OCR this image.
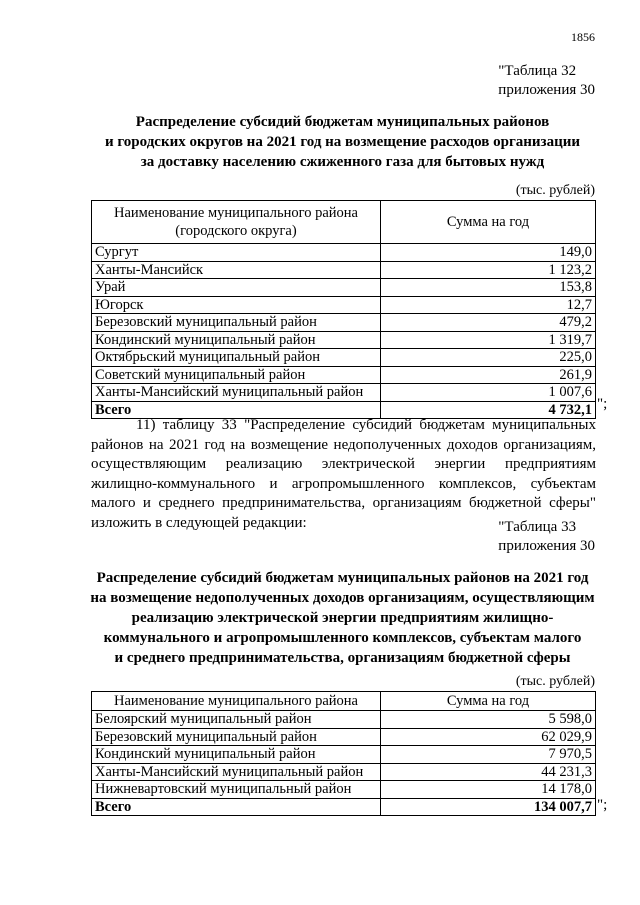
1856
"Таблица 32
приложения 30
Распределение субсидий бюджетам муниципальных районов
и городских округов на 2021 год на возмещение расходов организации
за доставку населению сжиженного газа для бытовых нужд
(тыс. рублей)
Наименование муниципального района (городского округа)	Сумма на год
Сургут	149,0
Ханты-Мансийск	1 123,2
Урай	153,8
Югорск	12,7
Березовский муниципальный район	479,2
Кондинский муниципальный район	1 319,7
Октябрьский муниципальный район	225,0
Советский муниципальный район	261,9
Ханты-Мансийский муниципальный район	1 007,6
Всего	4 732,1 ";
11) таблицу 33 "Распределение субсидий бюджетам муниципальных районов на 2021 год на возмещение недополученных доходов организациям, осуществляющим реализацию электрической энергии предприятиям жилищно-коммунального и агропромышленного комплексов, субъектам малого и среднего предпринимательства, организациям бюджетной сферы" изложить в следующей редакции:	"Таблица 33
приложения 30
Распределение субсидий бюджетам муниципальных районов на 2021 год
на возмещение недополученных доходов организациям, осуществляющим
реализацию электрической энергии предприятиям жилищно-
коммунального и агропромышленного комплексов, субъектам малого
и среднего предпринимательства, организациям бюджетной сферы
(тыс. рублей)
Наименование муниципального района	Сумма на год
Белоярский муниципальный район	5 598,0
Березовский муниципальный район	62 029,9
Кондинский муниципальный район	7 970,5
Ханты-Мансийский муниципальный район	44 231,3
Нижневартовский муниципальный район	14 178,0
Всего	134 007,7 ";
